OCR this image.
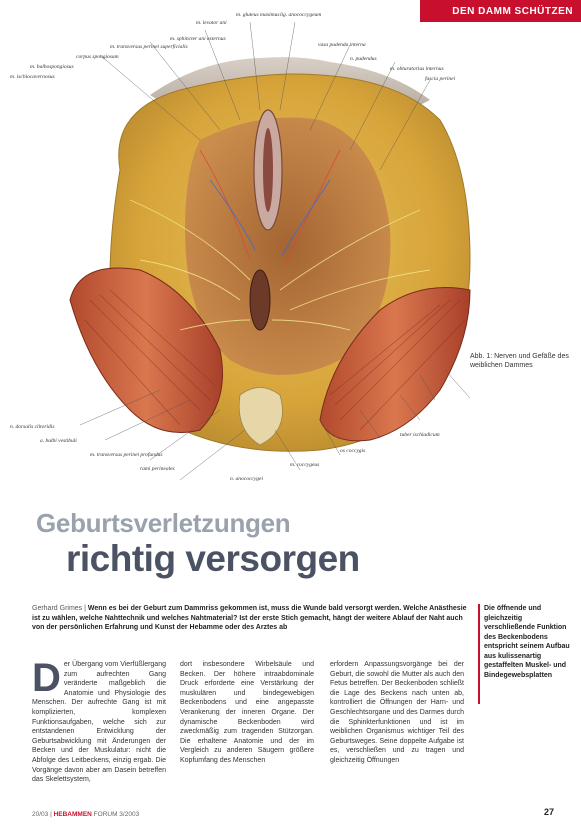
DEN DAMM SCHÜTZEN
m. ischiocavernosus
m. bulbospongiosus
corpus spongiosum
m. transversus perinei superficialis
m. sphincter ani externus
m. levator ani
m. gluteus maximus lig. anococcygeum
vasa pudenda interna
n. pudendus
m. obturatorius internus
fascia perinei
n. dorsalis clitoridis
a. bulbi vestibuli
m. transversus perinei profundus
rami perineales
n. anococcygei
m. coccygeus
os coccygis
tuber ischiadicum
Abb. 1: Nerven und Gefäße des weiblichen Dammes
Geburtsverletzungen
richtig versorgen
Gerhard Grimes | Wenn es bei der Geburt zum Dammriss gekommen ist, muss die Wunde bald versorgt werden. Welche Anästhesie ist zu wählen, welche Nahttechnik und welches Nahtmaterial? Ist der erste Stich gemacht, hängt der weitere Ablauf der Naht auch von der persönlichen Erfahrung und Kunst der Hebamme oder des Arztes ab
Die öffnende und gleichzeitig verschließende Funktion des Beckenbodens entspricht seinem Aufbau aus kulissenartig gestaffelten Muskel- und Bindegewebsplatten
D er Übergang vom Vierfüßlergang zum aufrechten Gang veränderte maßgeblich die Anatomie und Physiologie des Menschen. Der aufrechte Gang ist mit komplizierten, komplexen Funktionsaufgaben, welche sich zur entstandenen Entwicklung der Geburtsabwicklung mit Änderungen der Becken und der Muskulatur: nicht die Abfolge des Leitbeckens, einzig ergab. Die Vorgänge davon aber am Dasein betreffen das Skelettsystem,
dort insbesondere Wirbelsäule und Becken. Der höhere intraabdominale Druck erforderte eine Verstärkung der muskulären und bindegewebigen Beckenbodens und eine angepasste Verankerung der inneren Organe. Der dynamische Beckenboden wird zweckmäßig zum tragenden Stützorgan. Die erhaltene Anatomie und der im Vergleich zu anderen Säugern größere Kopfumfang des Menschen
erfordern Anpassungsvorgänge bei der Geburt, die sowohl die Mutter als auch den Fetus betreffen. Der Beckenboden schließt die Lage des Beckens nach unten ab, kontrolliert die Öffnungen der Harn- und Geschlechtsorgane und des Darmes durch die Sphinkterfunktionen und ist im weiblichen Organismus wichtiger Teil des Geburtsweges. Seine doppelte Aufgabe ist es, verschließen und zu tragen und gleichzeitig Öffnungen
20/03 | HEBAMMEN FORUM 3/2003	27
